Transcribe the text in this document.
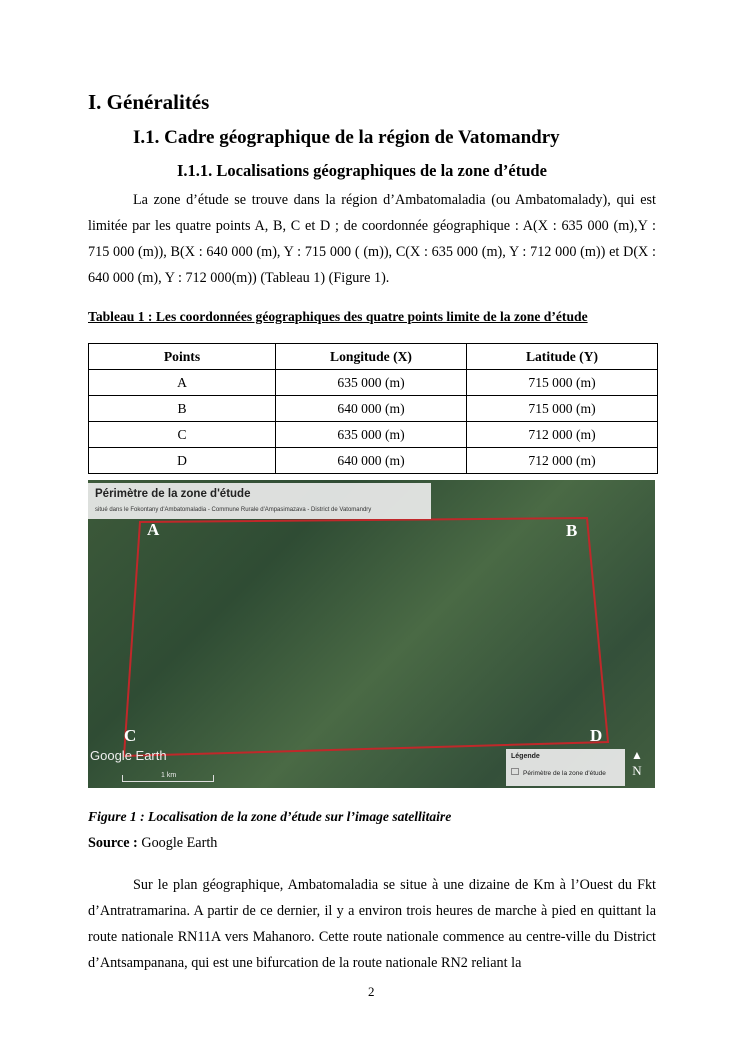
I. Généralités
I.1. Cadre géographique de la région de Vatomandry
I.1.1. Localisations géographiques de la zone d’étude
La zone d’étude se trouve dans la région d’Ambatomaladia (ou Ambatomalady), qui est limitée par les quatre points A, B, C et D ; de coordonnée géographique : A(X : 635 000 (m),Y : 715 000 (m)), B(X : 640 000 (m), Y : 715 000 ( (m)), C(X : 635 000 (m), Y : 712 000 (m)) et D(X : 640 000 (m), Y : 712 000(m)) (Tableau 1) (Figure 1).
Tableau 1 : Les coordonnées géographiques des quatre points limite de la zone d’étude
Points	Longitude (X)	Latitude (Y)
A	635 000 (m)	715 000 (m)
B	640 000 (m)	715 000 (m)
C	635 000 (m)	712 000 (m)
D	640 000 (m)	712 000 (m)
Périmètre de la zone d'étude
situé dans le Fokontany d'Ambatomaladia - Commune Rurale d'Ampasimazava - District de Vatomandry
A	B
C	D
Google Earth
1 km
Légende
Périmètre de la zone d'étude
▲
N
Figure 1 : Localisation de la zone d’étude sur l’image satellitaire
Source : Google Earth
Sur le plan géographique, Ambatomaladia se situe à une dizaine de Km à l’Ouest du Fkt d’Antratramarina. A partir de ce dernier, il y a environ trois heures de marche à pied en quittant la route nationale RN11A vers Mahanoro. Cette route nationale commence au centre-ville du District d’Antsampanana, qui est une bifurcation de la route nationale RN2 reliant la
2
